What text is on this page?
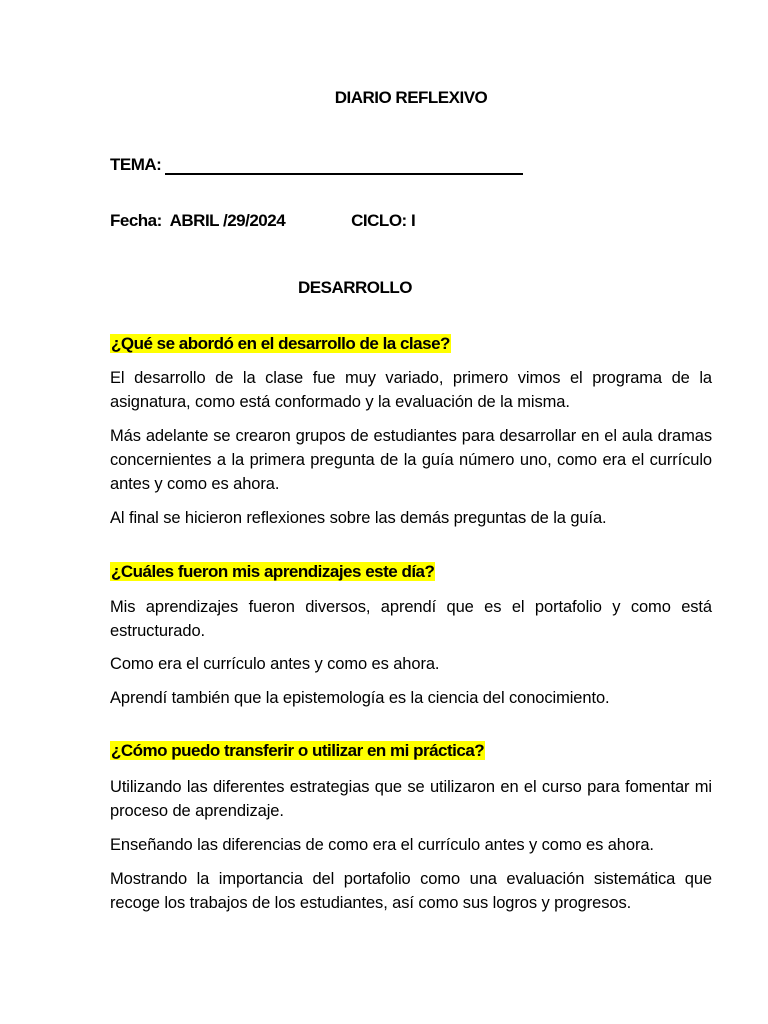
DIARIO REFLEXIVO
TEMA:
Fecha: ABRIL /29/2024	CICLO: I
DESARROLLO
¿Qué se abordó en el desarrollo de la clase?
El desarrollo de la clase fue muy variado, primero vimos el programa de la asignatura, como está conformado y la evaluación de la misma.
Más adelante se crearon grupos de estudiantes para desarrollar en el aula dramas concernientes a la primera pregunta de la guía número uno, como era el currículo antes y como es ahora.
Al final se hicieron reflexiones sobre las demás preguntas de la guía.
¿Cuáles fueron mis aprendizajes este día?
Mis aprendizajes fueron diversos, aprendí que es el portafolio y como está estructurado.
Como era el currículo antes y como es ahora.
Aprendí también que la epistemología es la ciencia del conocimiento.
¿Cómo puedo transferir o utilizar en mi práctica?
Utilizando las diferentes estrategias que se utilizaron en el curso para fomentar mi proceso de aprendizaje.
Enseñando las diferencias de como era el currículo antes y como es ahora.
Mostrando la importancia del portafolio como una evaluación sistemática que recoge los trabajos de los estudiantes, así como sus logros y progresos.
